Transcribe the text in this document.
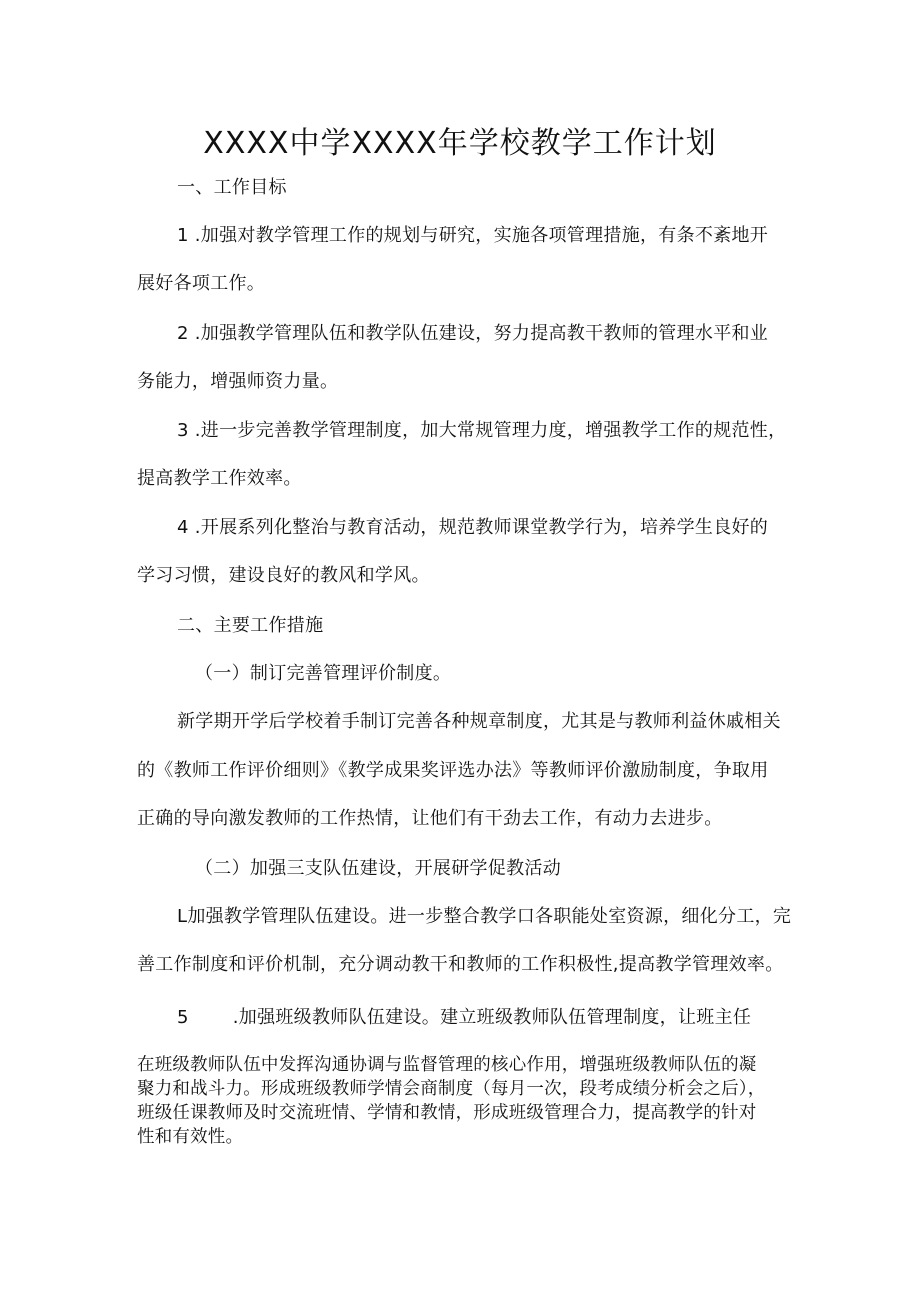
XXXX中学XXXX年学校教学工作计划
一、工作目标
1 .加强对教学管理工作的规划与研究，实施各项管理措施，有条不紊地开
展好各项工作。
2 .加强教学管理队伍和教学队伍建设，努力提高教干教师的管理水平和业
务能力，增强师资力量。
3 .进一步完善教学管理制度，加大常规管理力度，增强教学工作的规范性，
提高教学工作效率。
4 .开展系列化整治与教育活动，规范教师课堂教学行为，培养学生良好的
学习习惯，建设良好的教风和学风。
二、主要工作措施
（一）制订完善管理评价制度。
新学期开学后学校着手制订完善各种规章制度，尤其是与教师利益休戚相关
的《教师工作评价细则》《教学成果奖评选办法》等教师评价激励制度，争取用
正确的导向激发教师的工作热情，让他们有干劲去工作，有动力去进步。
（二）加强三支队伍建设，开展研学促教活动
L加强教学管理队伍建设。进一步整合教学口各职能处室资源，细化分工，完
善工作制度和评价机制，充分调动教干和教师的工作积极性,提高教学管理效率。
5 .加强班级教师队伍建设。建立班级教师队伍管理制度，让班主任
在班级教师队伍中发挥沟通协调与监督管理的核心作用，增强班级教师队伍的凝
聚力和战斗力。形成班级教师学情会商制度（每月一次，段考成绩分析会之后），
班级任课教师及时交流班情、学情和教情，形成班级管理合力，提高教学的针对
性和有效性。
